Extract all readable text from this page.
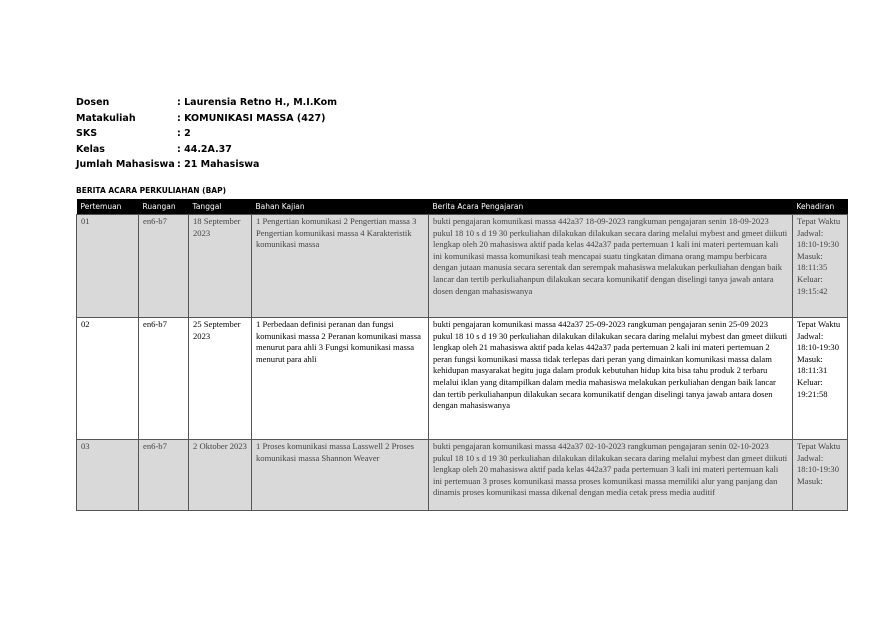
Dosen	: Laurensia Retno H., M.I.Kom
Matakuliah	: KOMUNIKASI MASSA (427)
SKS	: 2
Kelas	: 44.2A.37
Jumlah Mahasiswa : 21 Mahasiswa
BERITA ACARA PERKULIAHAN (BAP)
Pertemuan	Ruangan	Tanggal	Bahan Kajian	Berita Acara Pengajaran	Kehadiran
01	en6-b7	18 September 2023	1 Pengertian komunikasi 2 Pengertian massa 3 Pengertian komunikasi massa 4 Karakteristik komunikasi massa	bukti pengajaran komunikasi massa 442a37 18-09-2023 rangkuman pengajaran senin 18-09-2023 pukul 18 10 s d 19 30 perkuliahan dilakukan dilakukan secara daring melalui mybest and gmeet diikuti lengkap oleh 20 mahasiswa aktif pada kelas 442a37 pada pertemuan 1 kali ini materi pertemuan kali ini komunikasi massa komunikasi teah mencapai suatu tingkatan dimana orang mampu berbicara dengan jutaan manusia secara serentak dan serempak mahasiswa melakukan perkuliahan dengan baik lancar dan tertib perkuliahanpun dilakukan secara komunikatif dengan diselingi tanya jawab antara dosen dengan mahasiswanya	Tepat Waktu Jadwal: 18:10-19:30 Masuk: 18:11:35 Keluar: 19:15:42
02	en6-b7	25 September 2023	1 Perbedaan definisi peranan dan fungsi komunikasi massa 2 Peranan komunikasi massa menurut para ahli 3 Fungsi komunikasi massa menurut para ahli	bukti pengajaran komunikasi massa 442a37 25-09-2023 rangkuman pengajaran senin 25-09 2023 pukul 18 10 s d 19 30 perkuliahan dilakukan dilakukan secara daring melalui mybest dan gmeet diikuti lengkap oleh 21 mahasiswa aktif pada kelas 442a37 pada pertemuan 2 kali ini materi pertemuan 2 peran fungsi komunikasi massa tidak terlepas dari peran yang dimainkan komunikasi massa dalam kehidupan masyarakat begitu juga dalam produk kebutuhan hidup kita bisa tahu produk 2 terbaru melalui iklan yang ditampilkan dalam media mahasiswa melakukan perkuliahan dengan baik lancar dan tertib perkuliahanpun dilakukan secara komunikatif dengan diselingi tanya jawab antara dosen dengan mahasiswanya	Tepat Waktu Jadwal: 18:10-19:30 Masuk: 18:11:31 Keluar: 19:21:58
03	en6-b7	2 Oktober 2023	1 Proses komunikasi massa Lasswell 2 Proses komunikasi massa Shannon Weaver	bukti pengajaran komunikasi massa 442a37 02-10-2023 rangkuman pengajaran senin 02-10-2023 pukul 18 10 s d 19 30 perkuliahan dilakukan dilakukan secara daring melalui mybest dan gmeet diikuti lengkap oleh 20 mahasiswa aktif pada kelas 442a37 pada pertemuan 3 kali ini materi pertemuan kali ini pertemuan 3 proses komunikasi massa proses komunikasi massa memiliki alur yang panjang dan dinamis proses komunikasi massa dikenal dengan media cetak press media auditif	Tepat Waktu Jadwal: 18:10-19:30 Masuk:
